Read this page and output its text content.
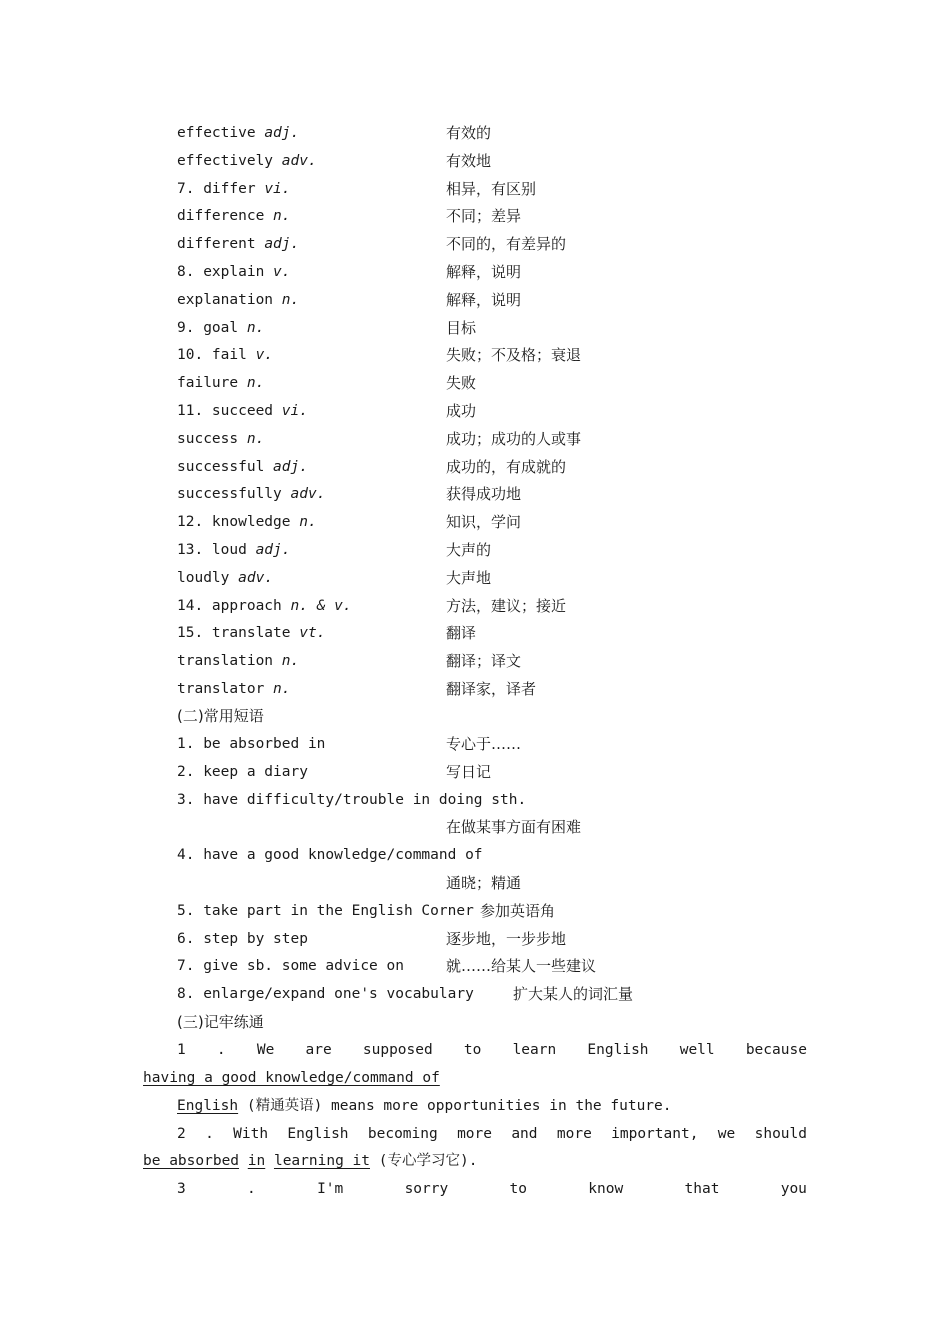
effective adj.	有效的
effectively adv.	有效地
7. differ vi.	相异，有区别
difference n.	不同；差异
different adj.	不同的，有差异的
8. explain v.	解释，说明
explanation n.	解释，说明
9. goal n.	目标
10. fail v.	失败；不及格；衰退
failure n.	失败
11. succeed vi.	成功
success n.	成功；成功的人或事
successful adj.	成功的，有成就的
successfully adv.	获得成功地
12. knowledge n.	知识，学问
13. loud adj.	大声的
loudly adv.	大声地
14. approach n. & v.	方法，建议；接近
15. translate vt.	翻译
translation n.	翻译；译文
translator n.	翻译家，译者
(二)常用短语
1. be absorbed in	专心于……
2. keep a diary	写日记
3. have difficulty/trouble in doing sth.
在做某事方面有困难
4. have a good knowledge/command of
通晓；精通
5. take part in the English Corner 参加英语角
6. step by step	逐步地，一步步地
7. give sb. some advice on	就……给某人一些建议
8. enlarge/expand one's vocabulary	扩大某人的词汇量
(三)记牢练通
1 . We are supposed to learn English well because
having a good knowledge/command of
English (精通英语) means more opportunities in the future.
2 . With English becoming more and more important, we should
be absorbed in learning it (专心学习它).
3	.	I'm	sorry	to	know	that	you
